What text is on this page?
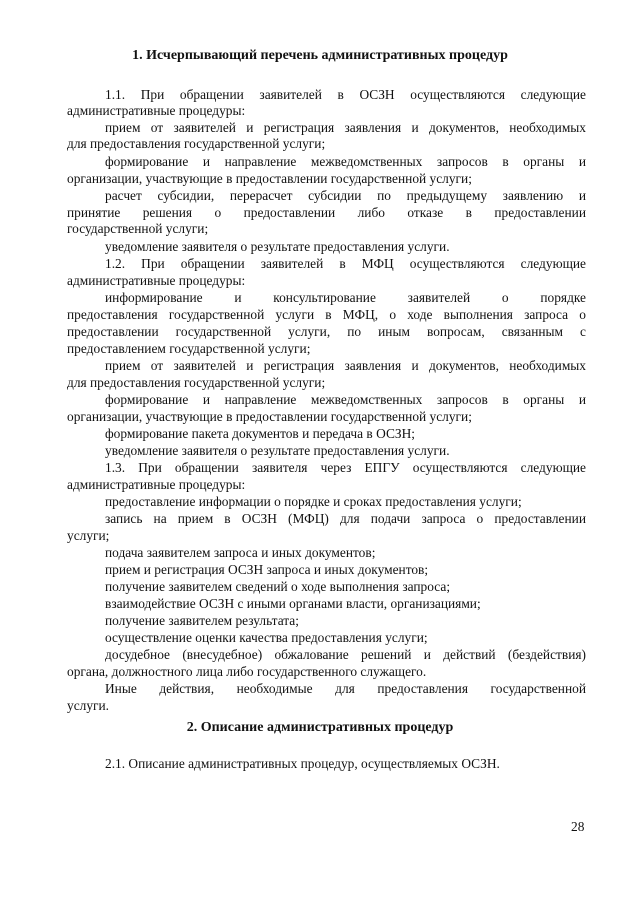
1. Исчерпывающий перечень административных процедур
1.1. При обращении заявителей в ОСЗН осуществляются следующие
административные процедуры:
прием от заявителей и регистрация заявления и документов, необходимых
для предоставления государственной услуги;
формирование и направление межведомственных запросов в органы и
организации, участвующие в предоставлении государственной услуги;
расчет субсидии, перерасчет субсидии по предыдущему заявлению и
принятие решения о предоставлении либо отказе в предоставлении
государственной услуги;
уведомление заявителя о результате предоставления услуги.
1.2. При обращении заявителей в МФЦ осуществляются следующие
административные процедуры:
информирование и консультирование заявителей о порядке
предоставления государственной услуги в МФЦ, о ходе выполнения запроса о
предоставлении государственной услуги, по иным вопросам, связанным с
предоставлением государственной услуги;
прием от заявителей и регистрация заявления и документов, необходимых
для предоставления государственной услуги;
формирование и направление межведомственных запросов в органы и
организации, участвующие в предоставлении государственной услуги;
формирование пакета документов и передача в ОСЗН;
уведомление заявителя о результате предоставления услуги.
1.3. При обращении заявителя через ЕПГУ осуществляются следующие
административные процедуры:
предоставление информации о порядке и сроках предоставления услуги;
запись на прием в ОСЗН (МФЦ) для подачи запроса о предоставлении
услуги;
подача заявителем запроса и иных документов;
прием и регистрация ОСЗН запроса и иных документов;
получение заявителем сведений о ходе выполнения запроса;
взаимодействие ОСЗН с иными органами власти, организациями;
получение заявителем результата;
осуществление оценки качества предоставления услуги;
досудебное (внесудебное) обжалование решений и действий (бездействия)
органа, должностного лица либо государственного служащего.
Иные действия, необходимые для предоставления государственной
услуги.
2. Описание административных процедур
2.1. Описание административных процедур, осуществляемых ОСЗН.
28
